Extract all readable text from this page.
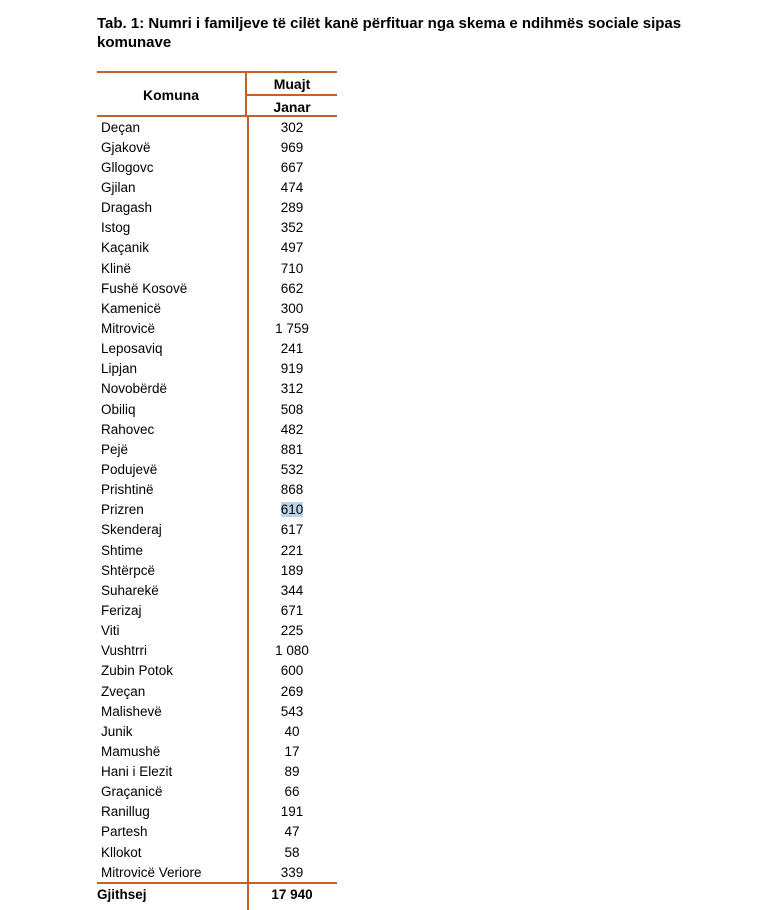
Tab. 1: Numri i familjeve të cilët kanë përfituar nga skema e ndihmës sociale sipas komunave
Komuna
Muajt
Janar
Deçan	302
Gjakovë	969
Gllogovc	667
Gjilan	474
Dragash	289
Istog	352
Kaçanik	497
Klinë	710
Fushë Kosovë	662
Kamenicë	300
Mitrovicë	1 759
Leposaviq	241
Lipjan	919
Novobërdë	312
Obiliq	508
Rahovec	482
Pejë	881
Podujevë	532
Prishtinë	868
Prizren	610
Skenderaj	617
Shtime	221
Shtërpcë	189
Suharekë	344
Ferizaj	671
Viti	225
Vushtrri	1 080
Zubin Potok	600
Zveçan	269
Malishevë	543
Junik	40
Mamushë	17
Hani i Elezit	89
Graçanicë	66
Ranillug	191
Partesh	47
Kllokot	58
Mitrovicë Veriore	339
Gjithsej	17 940
